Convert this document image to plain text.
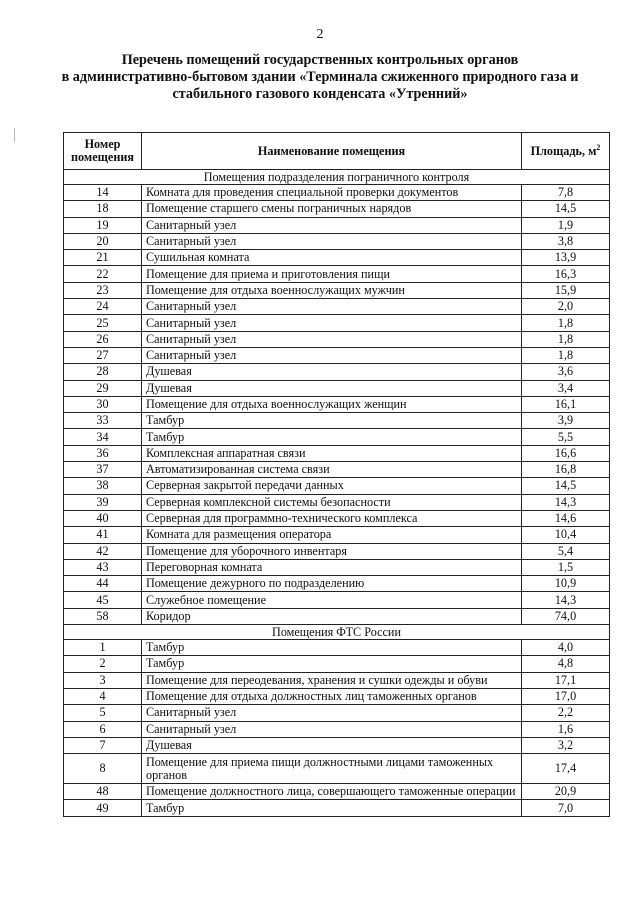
2
Перечень помещений государственных контрольных органов
в административно-бытовом здании «Терминала сжиженного природного газа и
стабильного газового конденсата «Утренний»
Номер помещения	Наименование помещения	Площадь, $м^2$
Помещения подразделения пограничного контроля		
14	Комната для проведения специальной проверки документов	7,8
18	Помещение старшего смены пограничных нарядов	14,5
19	Санитарный узел	1,9
20	Санитарный узел	3,8
21	Сушильная комната	13,9
22	Помещение для приема и приготовления пищи	16,3
23	Помещение для отдыха военнослужащих мужчин	15,9
24	Санитарный узел	2,0
25	Санитарный узел	1,8
26	Санитарный узел	1,8
27	Санитарный узел	1,8
28	Душевая	3,6
29	Душевая	3,4
30	Помещение для отдыха военнослужащих женщин	16,1
33	Тамбур	3,9
34	Тамбур	5,5
36	Комплексная аппаратная связи	16,6
37	Автоматизированная система связи	16,8
38	Серверная закрытой передачи данных	14,5
39	Серверная комплексной системы безопасности	14,3
40	Серверная для программно-технического комплекса	14,6
41	Комната для размещения оператора	10,4
42	Помещение для уборочного инвентаря	5,4
43	Переговорная комната	1,5
44	Помещение дежурного по подразделению	10,9
45	Служебное помещение	14,3
58	Коридор	74,0
Помещения ФТС России		
1	Тамбур	4,0
2	Тамбур	4,8
3	Помещение для переодевания, хранения и сушки одежды и обуви	17,1
4	Помещение для отдыха должностных лиц таможенных органов	17,0
5	Санитарный узел	2,2
6	Санитарный узел	1,6
7	Душевая	3,2
8	Помещение для приема пищи должностными лицами таможенных органов	17,4
48	Помещение должностного лица, совершающего таможенные операции	20,9
49	Тамбур	7,0
